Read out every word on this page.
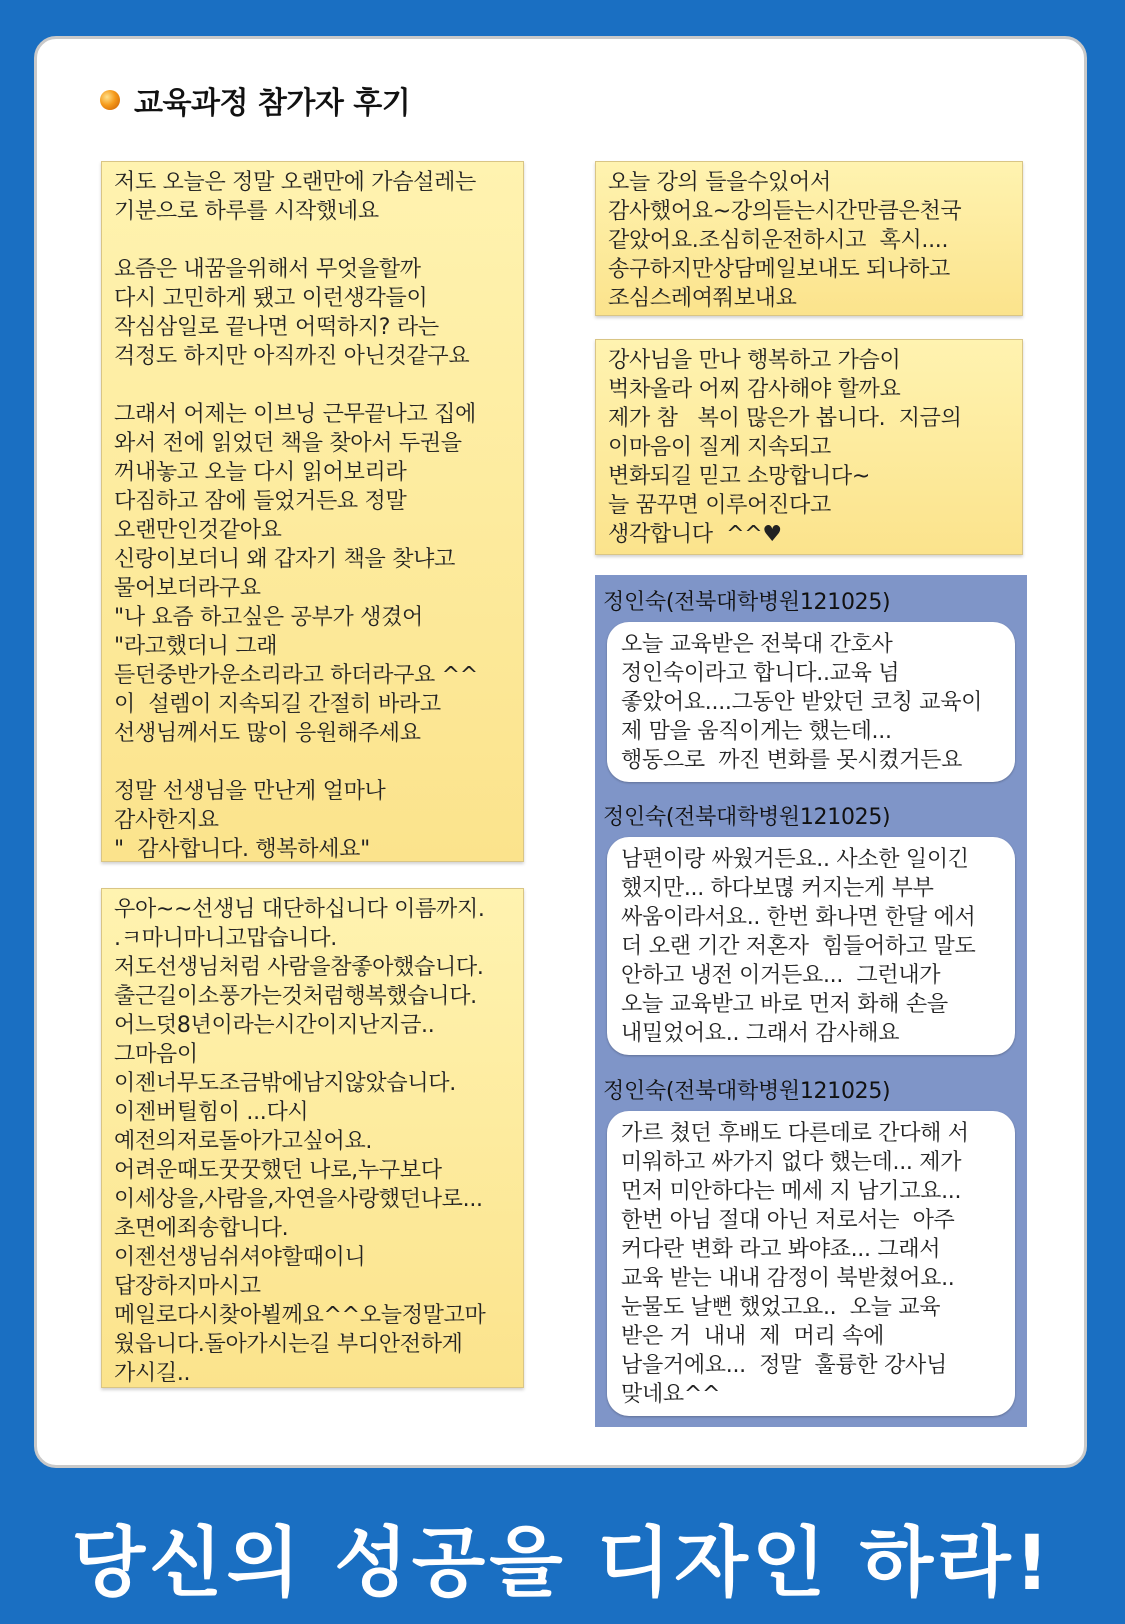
교육과정 참가자 후기
저도 오늘은 정말 오랜만에 가슴설레는
기분으로 하루를 시작했네요

요즘은 내꿈을위해서 무엇을할까
다시 고민하게 됐고 이런생각들이
작심삼일로 끝나면 어떡하지? 라는
걱정도 하지만 아직까진 아닌것같구요

그래서 어제는 이브닝 근무끝나고 집에
와서 전에 읽었던 책을 찾아서 두권을
꺼내놓고 오늘 다시 읽어보리라
다짐하고 잠에 들었거든요 정말
오랜만인것같아요
신랑이보더니 왜 갑자기 책을 찾냐고
물어보더라구요
"나 요즘 하고싶은 공부가 생겼어
"라고했더니 그래
듣던중반가운소리라고 하더라구요 ^^
이  설렘이 지속되길 간절히 바라고
선생님께서도 많이 응원해주세요

정말 선생님을 만난게 얼마나
감사한지요
"  감사합니다. 행복하세요"
우아~~선생님 대단하십니다 이름까지.
.ㅋ마니마니고맙습니다.
저도선생님처럼 사람을참좋아했습니다.
출근길이소풍가는것처럼행복했습니다.
어느덧8년이라는시간이지난지금..
그마음이
이젠너무도조금밖에남지않았습니다.
이젠버틸힘이 ...다시
예전의저로돌아가고싶어요.
어려운때도꿋꿋했던 나로,누구보다
이세상을,사람을,자연을사랑했던나로...
초면에죄송합니다.
이젠선생님쉬셔야할때이니
답장하지마시고
메일로다시찾아뵐께요^^오늘정말고마
웠읍니다.돌아가시는길 부디안전하게
가시길..
오늘 강의 들을수있어서
감사했어요~강의듣는시간만큼은천국
같았어요.조심히운전하시고  혹시....
송구하지만상담메일보내도 되나하고
조심스레여쭤보내요
강사님을 만나 행복하고 가슴이
벅차올라 어찌 감사해야 할까요
제가 참   복이 많은가 봅니다.  지금의
이마음이 질게 지속되고
변화되길 믿고 소망합니다~
늘 꿈꾸면 이루어진다고
생각합니다  ^^♥
정인숙(전북대학병원121025)
오늘 교육받은 전북대 간호사
정인숙이라고 합니다..교육 넘
좋았어요....그동안 받았던 코칭 교육이
제 맘을 움직이게는 했는데...
행동으로  까진 변화를 못시켰거든요
정인숙(전북대학병원121025)
남편이랑 싸웠거든요.. 사소한 일이긴
했지만... 하다보멶 커지는게 부부
싸움이라서요.. 한번 화나면 한달 에서
더 오랜 기간 저혼자  힘들어하고 말도
안하고 냉전 이거든요...  그런내가
오늘 교육받고 바로 먼저 화해 손을
내밀었어요.. 그래서 감사해요
정인숙(전북대학병원121025)
가르 쳤던 후배도 다른데로 간다해 서
미워하고 싸가지 없다 했는데... 제가
먼저 미안하다는 메세 지 남기고요...
한번 아님 절대 아닌 저로서는  아주
커다란 변화 라고 봐야죠... 그래서
교육 받는 내내 감정이 북받쳤어요..
눈물도 날뻔 했었고요..  오늘 교육
받은 거  내내  제  머리 속에
남을거에요...  정말  훌륭한 강사님
맞네요^^
당신의 성공을 디자인 하라!
